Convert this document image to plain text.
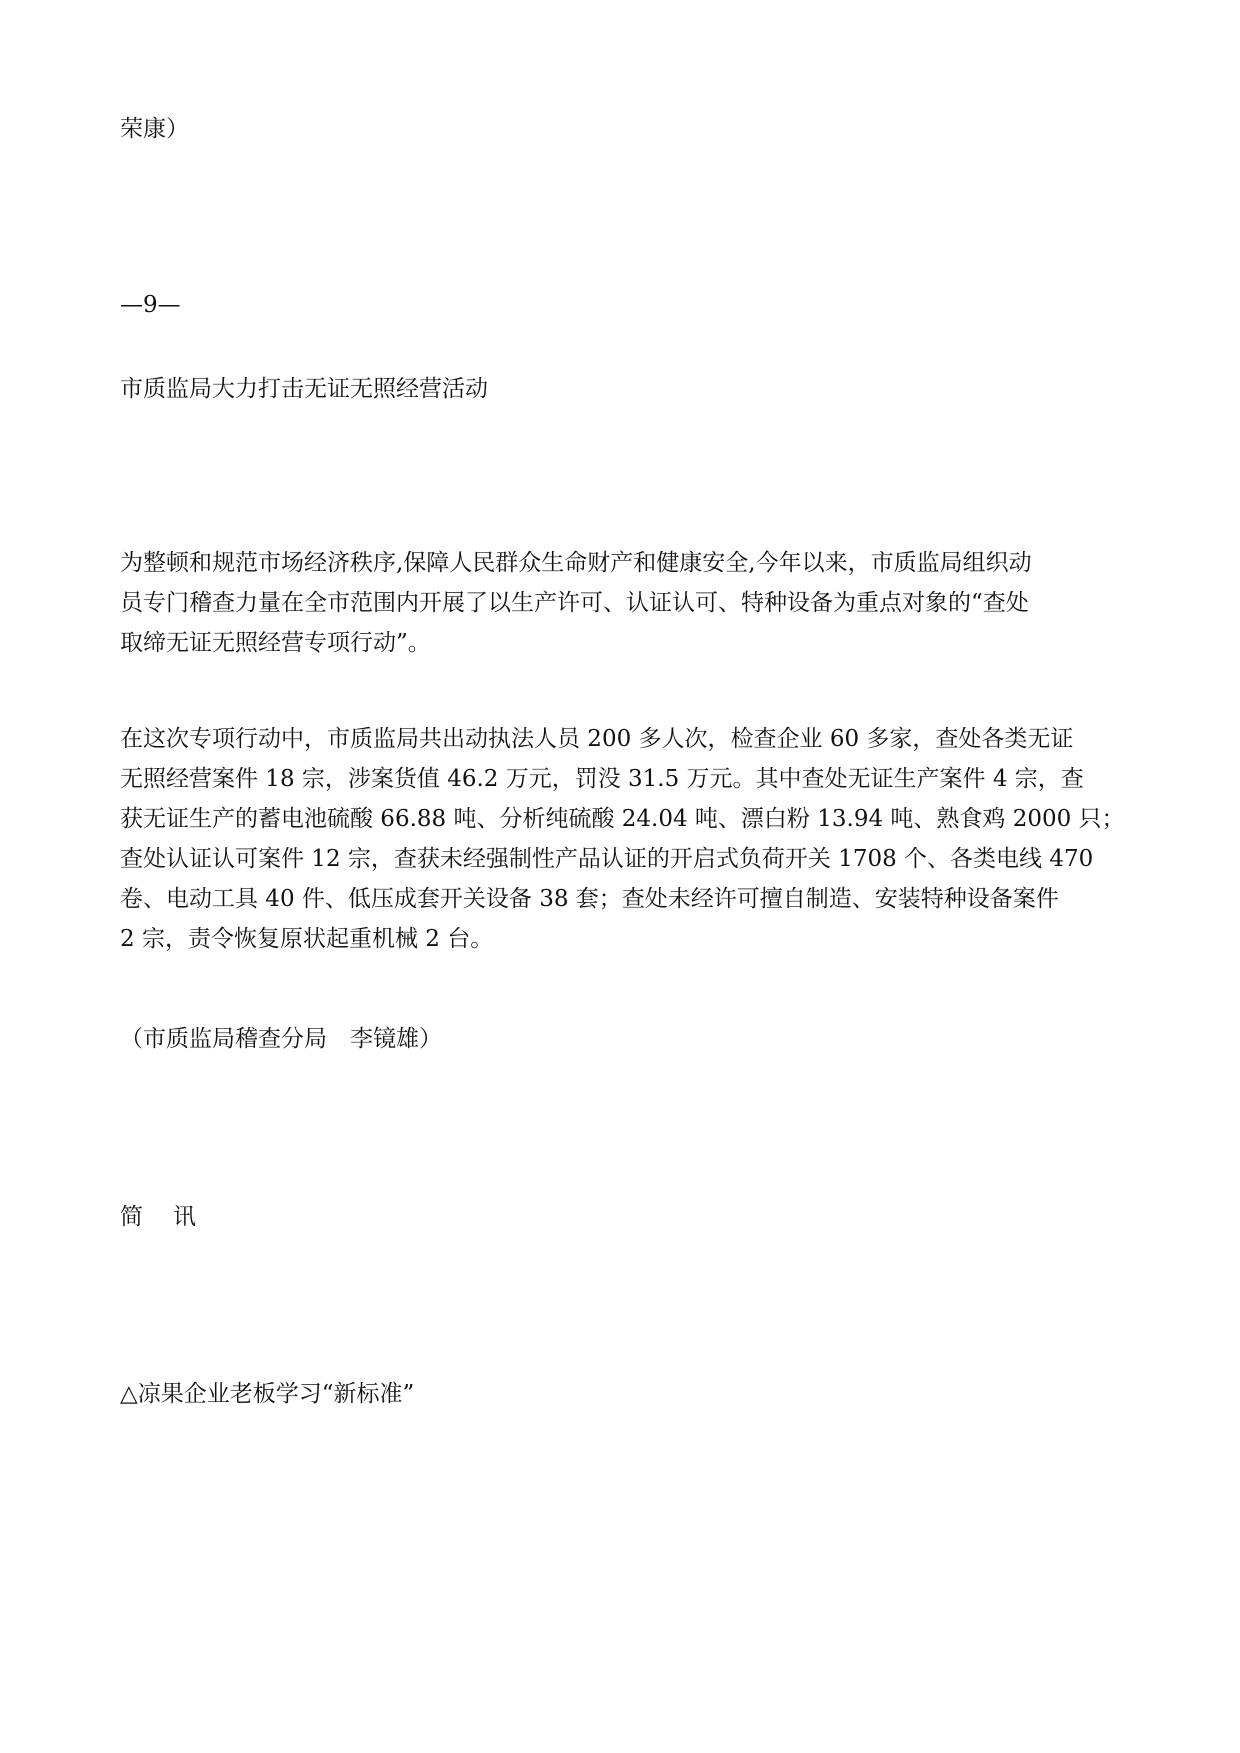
荣康）

—9—

市质监局大力打击无证无照经营活动
为整顿和规范市场经济秩序,保障人民群众生命财产和健康安全,今年以来，市质监局组织动
员专门稽查力量在全市范围内开展了以生产许可、认证认可、特种设备为重点对象的“查处
取缔无证无照经营专项行动”。
在这次专项行动中，市质监局共出动执法人员 200 多人次，检查企业 60 多家，查处各类无证
无照经营案件 18 宗，涉案货值 46.2 万元，罚没 31.5 万元。其中查处无证生产案件 4 宗，查
获无证生产的蓄电池硫酸 66.88 吨、分析纯硫酸 24.04 吨、漂白粉 13.94 吨、熟食鸡 2000 只；
查处认证认可案件 12 宗，查获未经强制性产品认证的开启式负荷开关 1708 个、各类电线 470
卷、电动工具 40 件、低压成套开关设备 38 套；查处未经许可擅自制造、安装特种设备案件
2 宗，责令恢复原状起重机械 2 台。

（市质监局稽查分局　李镜雄）

简讯

△凉果企业老板学习“新标准”
